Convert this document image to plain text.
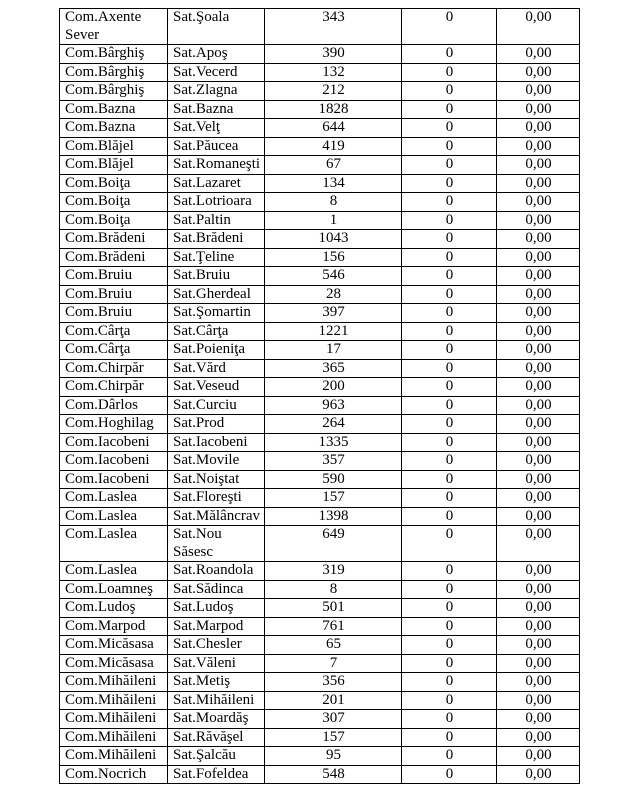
Com.Axente Sever	Sat.Şoala	343	0	0,00
Com.Bârghiş	Sat.Apoş	390	0	0,00
Com.Bârghiş	Sat.Vecerd	132	0	0,00
Com.Bârghiş	Sat.Zlagna	212	0	0,00
Com.Bazna	Sat.Bazna	1828	0	0,00
Com.Bazna	Sat.Velţ	644	0	0,00
Com.Blăjel	Sat.Păucea	419	0	0,00
Com.Blăjel	Sat.Romaneşti	67	0	0,00
Com.Boiţa	Sat.Lazaret	134	0	0,00
Com.Boiţa	Sat.Lotrioara	8	0	0,00
Com.Boiţa	Sat.Paltin	1	0	0,00
Com.Brădeni	Sat.Brădeni	1043	0	0,00
Com.Brădeni	Sat.Ţeline	156	0	0,00
Com.Bruiu	Sat.Bruiu	546	0	0,00
Com.Bruiu	Sat.Gherdeal	28	0	0,00
Com.Bruiu	Sat.Şomartin	397	0	0,00
Com.Cârţa	Sat.Cârţa	1221	0	0,00
Com.Cârţa	Sat.Poieniţa	17	0	0,00
Com.Chirpăr	Sat.Vărd	365	0	0,00
Com.Chirpăr	Sat.Veseud	200	0	0,00
Com.Dârlos	Sat.Curciu	963	0	0,00
Com.Hoghilag	Sat.Prod	264	0	0,00
Com.Iacobeni	Sat.Iacobeni	1335	0	0,00
Com.Iacobeni	Sat.Movile	357	0	0,00
Com.Iacobeni	Sat.Noiştat	590	0	0,00
Com.Laslea	Sat.Floreşti	157	0	0,00
Com.Laslea	Sat.Mălâncrav	1398	0	0,00
Com.Laslea	Sat.Nou Săsesc	649	0	0,00
Com.Laslea	Sat.Roandola	319	0	0,00
Com.Loamneş	Sat.Sădinca	8	0	0,00
Com.Ludoş	Sat.Ludoş	501	0	0,00
Com.Marpod	Sat.Marpod	761	0	0,00
Com.Micăsasa	Sat.Chesler	65	0	0,00
Com.Micăsasa	Sat.Văleni	7	0	0,00
Com.Mihăileni	Sat.Metiş	356	0	0,00
Com.Mihăileni	Sat.Mihăileni	201	0	0,00
Com.Mihăileni	Sat.Moardăş	307	0	0,00
Com.Mihăileni	Sat.Răvăşel	157	0	0,00
Com.Mihăileni	Sat.Şalcău	95	0	0,00
Com.Nocrich	Sat.Fofeldea	548	0	0,00
